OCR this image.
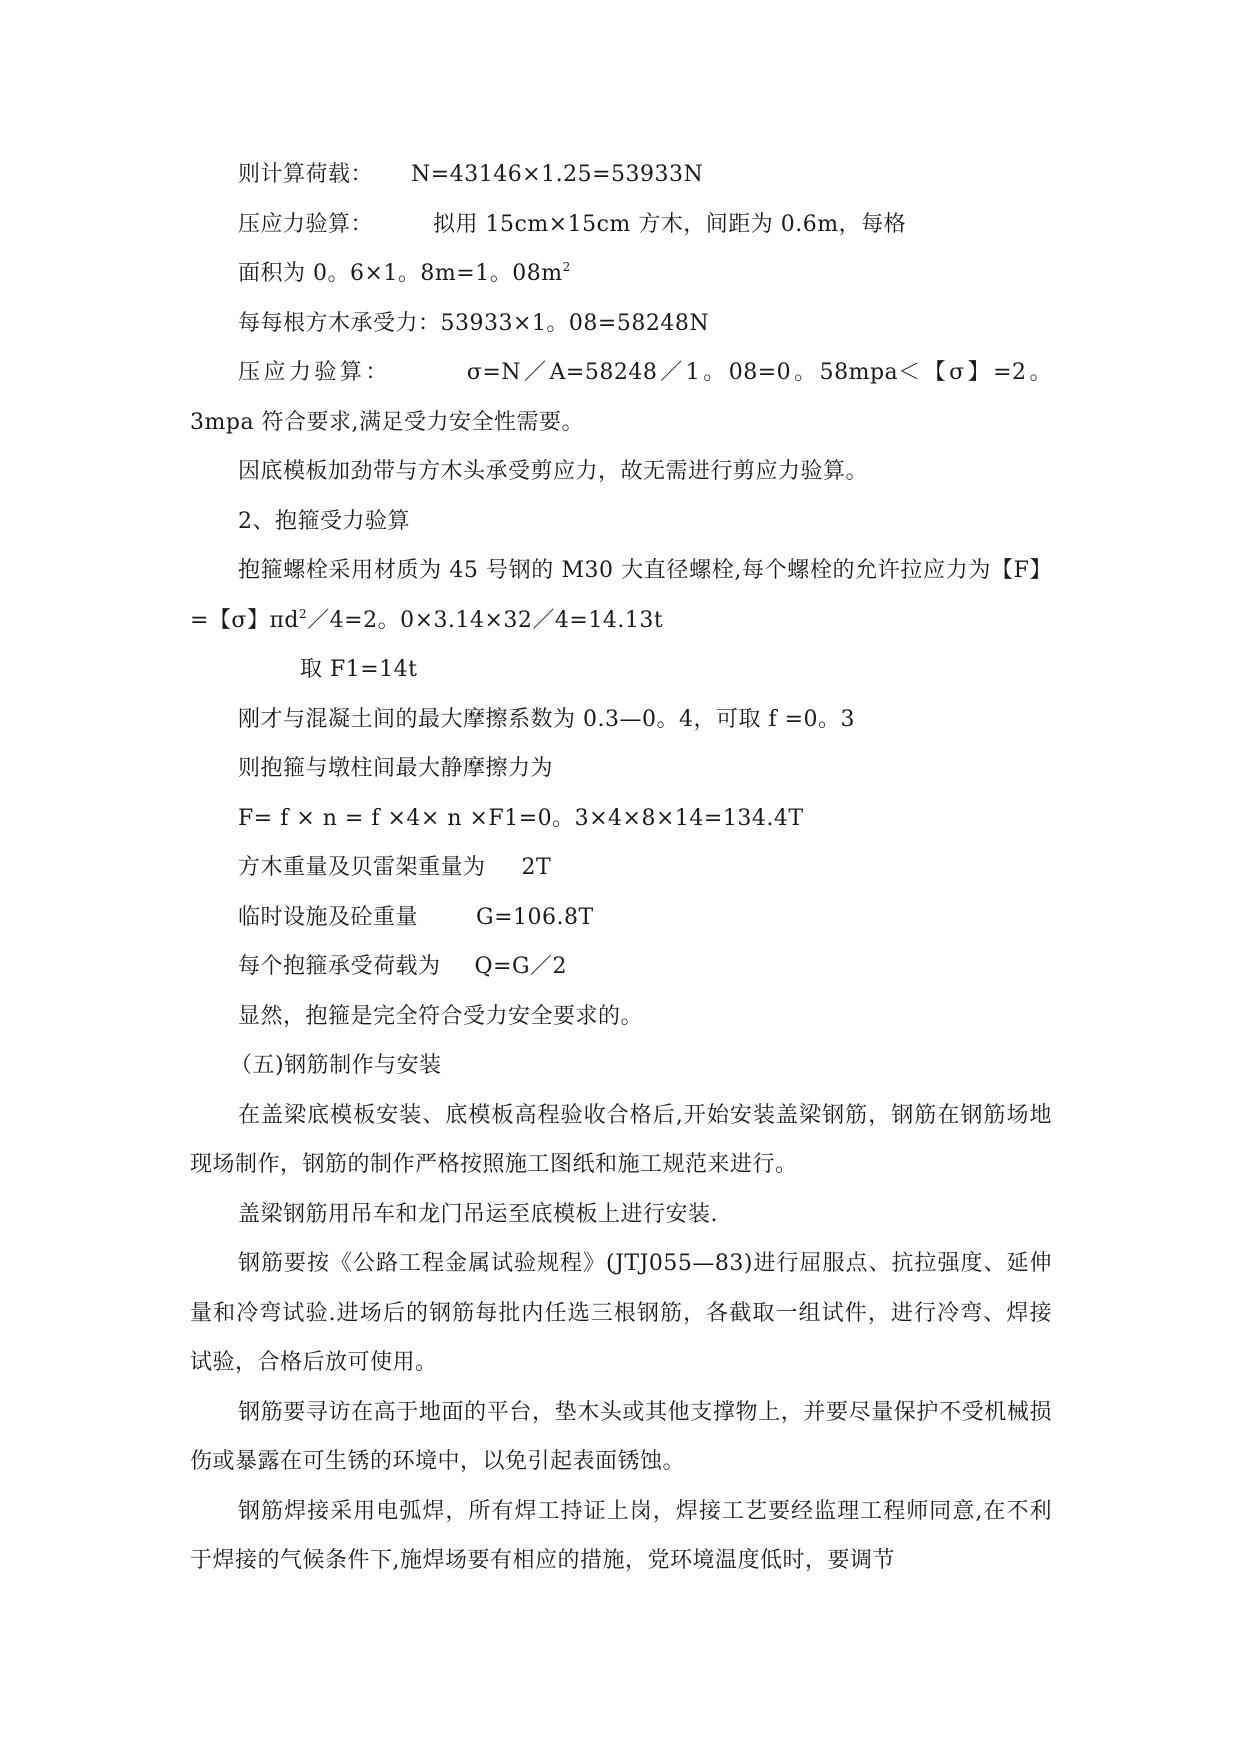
则计算荷载： N=43146×1.25=53933N

压应力验算：	拟用 15cm×15cm 方木，间距为 0.6m，每格

面积为 0。6×1。8m=1。$08m^2$

每每根方木承受力：53933×1。08=58248N

压应力验算：	σ=N／A=58248／1。08=0。58mpa＜【σ】=2。3mpa 符合要求,满足受力安全性需要。

因底模板加劲带与方木头承受剪应力，故无需进行剪应力验算。

2、抱箍受力验算

抱箍螺栓采用材质为 45 号钢的 M30 大直径螺栓,每个螺栓的允许拉应力为【F】=【σ】$\pi d^2/4=2$。0×3.14×32／4=14.13t

取 F1=14t

刚才与混凝土间的最大摩擦系数为 0.3—0。4，可取 f =0。3

则抱箍与墩柱间最大静摩擦力为

F= f × n = f ×4× n ×F1=0。3×4×8×14=134.4T

方木重量及贝雷架重量为 2T

临时设施及砼重量	G=106.8T

每个抱箍承受荷载为 Q=G／2

显然，抱箍是完全符合受力安全要求的。

（五)钢筋制作与安装

在盖梁底模板安装、底模板高程验收合格后,开始安装盖梁钢筋，钢筋在钢筋场地现场制作，钢筋的制作严格按照施工图纸和施工规范来进行。

盖梁钢筋用吊车和龙门吊运至底模板上进行安装.

钢筋要按《公路工程金属试验规程》(JTJ055—83)进行屈服点、抗拉强度、延伸量和冷弯试验.进场后的钢筋每批内任选三根钢筋，各截取一组试件，进行冷弯、焊接试验，合格后放可使用。

钢筋要寻访在高于地面的平台，垫木头或其他支撑物上，并要尽量保护不受机械损伤或暴露在可生锈的环境中，以免引起表面锈蚀。

钢筋焊接采用电弧焊，所有焊工持证上岗，焊接工艺要经监理工程师同意,在不利于焊接的气候条件下,施焊场要有相应的措施，党环境温度低时，要调节
